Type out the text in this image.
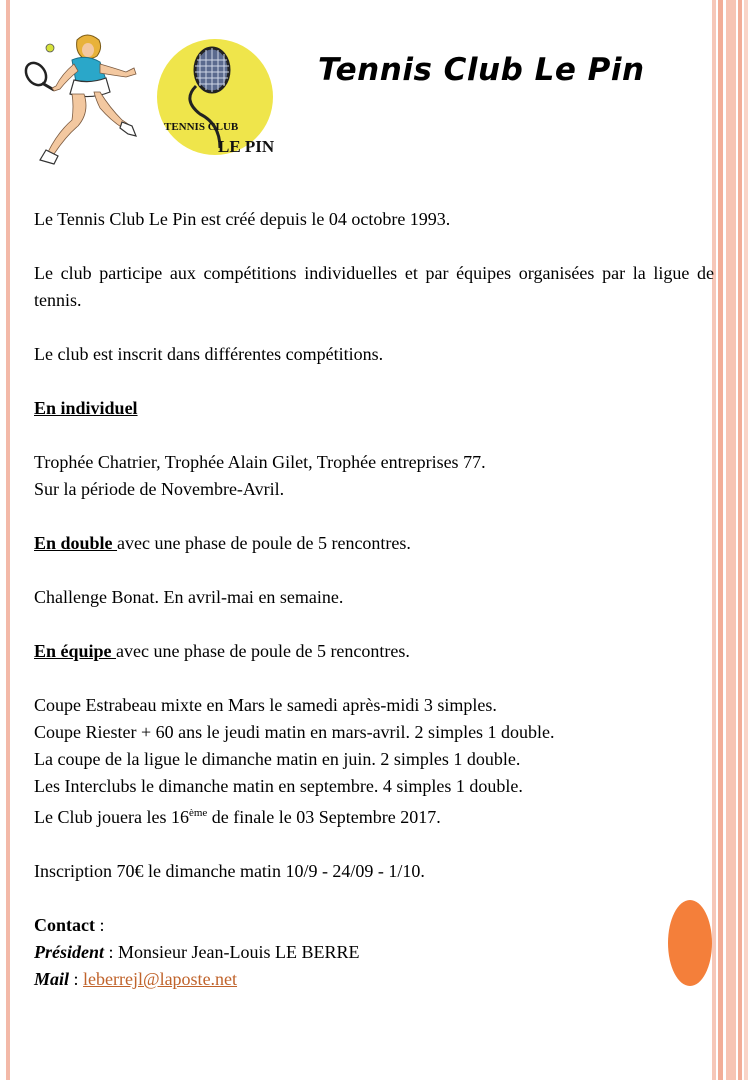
TENNIS CLUB
LE PIN
Tennis Club Le Pin

Le Tennis Club Le Pin est créé depuis le 04 octobre 1993.

Le club participe aux compétitions individuelles et par équipes organisées par la ligue de tennis.

Le club est inscrit dans différentes compétitions.

En individuel

Trophée Chatrier, Trophée Alain Gilet, Trophée entreprises 77.

Sur la période de Novembre-Avril.

En double avec une phase de poule de 5 rencontres.

Challenge Bonat. En avril-mai en semaine.

En équipe avec une phase de poule de 5 rencontres.

Coupe Estrabeau mixte en Mars le samedi après-midi 3 simples.

Coupe Riester + 60 ans le jeudi matin en mars-avril. 2 simples 1 double.

La coupe de la ligue le dimanche matin en juin. 2 simples 1 double.

Les Interclubs le dimanche matin en septembre. 4 simples 1 double.

Le Club jouera les 16ème de finale le 03 Septembre 2017.

Inscription 70€ le dimanche matin 10/9 - 24/09 - 1/10.

Contact :

Président : Monsieur Jean-Louis LE BERRE

Mail : leberrejl@laposte.net
